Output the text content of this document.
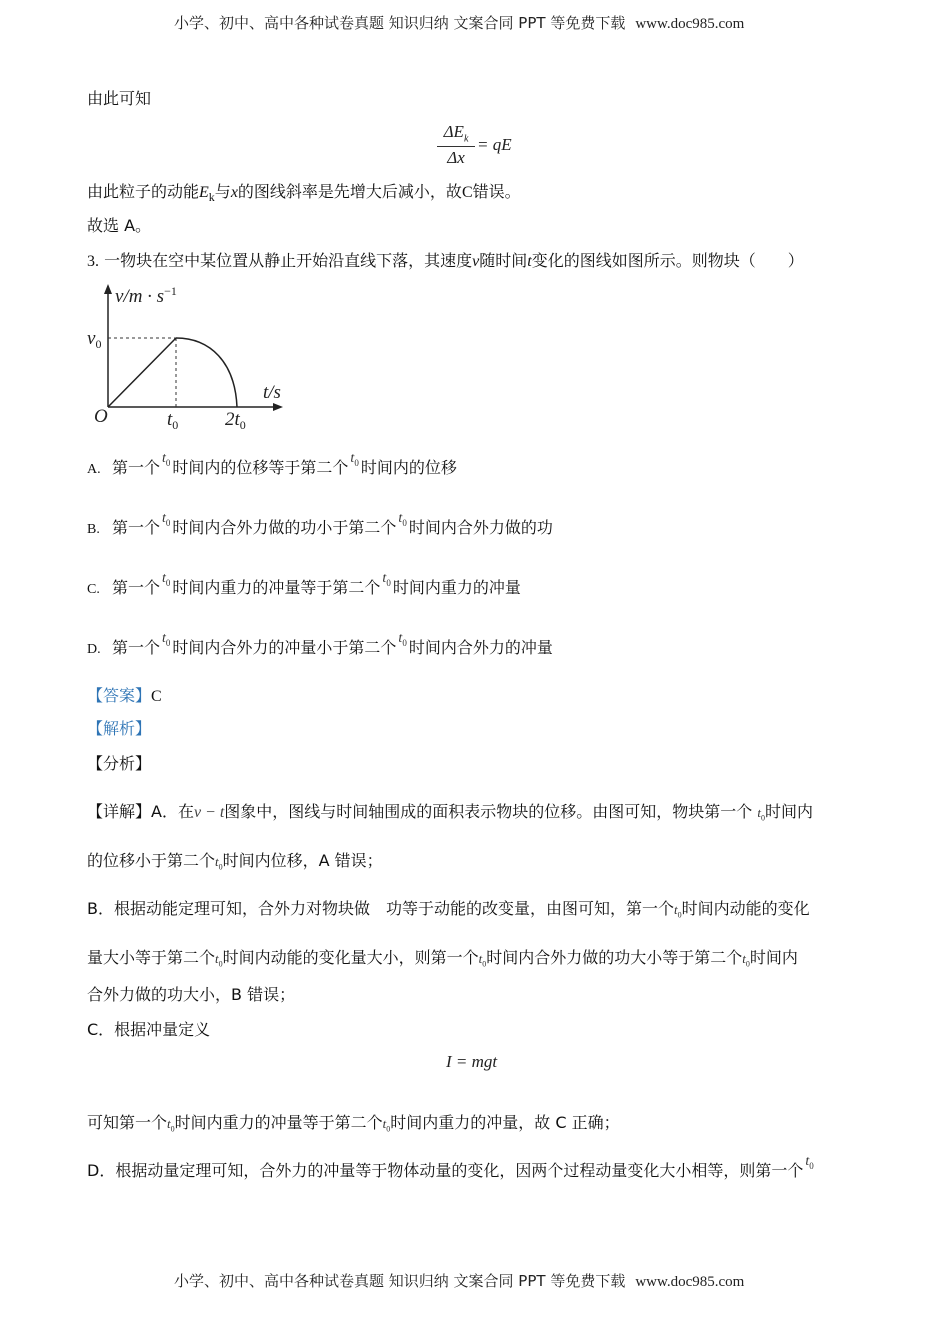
小学、初中、高中各种试卷真题 知识归纳 文案合同 PPT 等免费下载 www.doc985.com
由此可知
$\Delta E_k$
Δx
= qE
由此粒子的动能$E_k$与x的图线斜率是先增大后减小，故C错误。
故选 A。
3. 一物块在空中某位置从静止开始沿直线下落，其速度v随时间t变化的图线如图所示。则物块（　　）
$v/m \cdot s^{-1}$
$v_0$
t/s
O	$t_0$ $2t_0$
A. 第一个 $t_0$ 时间内的位移等于第二个 $t_0$ 时间内的位移
B. 第一个 $t_0$ 时间内合外力做的功小于第二个 $t_0$ 时间内合外力做的功
C. 第一个 $t_0$ 时间内重力的冲量等于第二个 $t_0$ 时间内重力的冲量
D. 第一个 $t_0$ 时间内合外力的冲量小于第二个 $t_0$ 时间内合外力的冲量
【答案】C
【解析】
【分析】
【详解】A．在v − t图象中，图线与时间轴围成的面积表示物块的位移。由图可知，物块第一个 $t_0$时间内
的位移小于第二个$t_0$时间内位移，A 错误；
B．根据动能定理可知，合外力对物块做　功等于动能的改变量，由图可知，第一个$t_0$时间内动能的变化
量大小等于第二个$t_0$时间内动能的变化量大小，则第一个$t_0$时间内合外力做的功大小等于第二个$t_0$时间内
合外力做的功大小，B 错误；
C．根据冲量定义
I = mgt
可知第一个$t_0$时间内重力的冲量等于第二个$t_0$时间内重力的冲量，故 C 正确；
D．根据动量定理可知，合外力的冲量等于物体动量的变化，因两个过程动量变化大小相等，则第一个 $t_0$
小学、初中、高中各种试卷真题 知识归纳 文案合同 PPT 等免费下载 www.doc985.com
